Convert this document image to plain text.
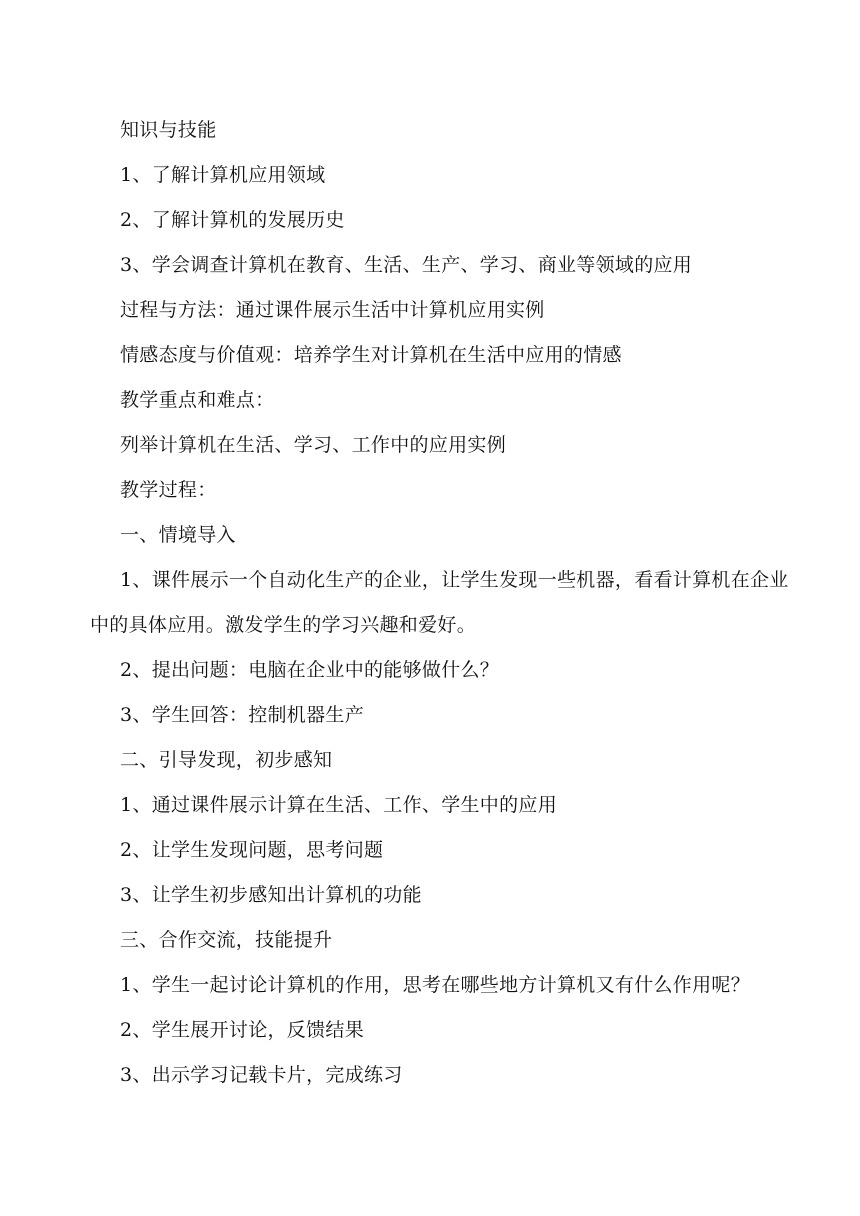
知识与技能

1、了解计算机应用领域

2、了解计算机的发展历史

3、学会调查计算机在教育、生活、生产、学习、商业等领域的应用

过程与方法：通过课件展示生活中计算机应用实例

情感态度与价值观：培养学生对计算机在生活中应用的情感

教学重点和难点：

列举计算机在生活、学习、工作中的应用实例

教学过程：

一、情境导入

1、课件展示一个自动化生产的企业，让学生发现一些机器，看看计算机在企业中的具体应用。激发学生的学习兴趣和爱好。

2、提出问题：电脑在企业中的能够做什么？

3、学生回答：控制机器生产

二、引导发现，初步感知

1、通过课件展示计算在生活、工作、学生中的应用

2、让学生发现问题，思考问题

3、让学生初步感知出计算机的功能

三、合作交流，技能提升

1、学生一起讨论计算机的作用，思考在哪些地方计算机又有什么作用呢？

2、学生展开讨论，反馈结果

3、出示学习记载卡片，完成练习
